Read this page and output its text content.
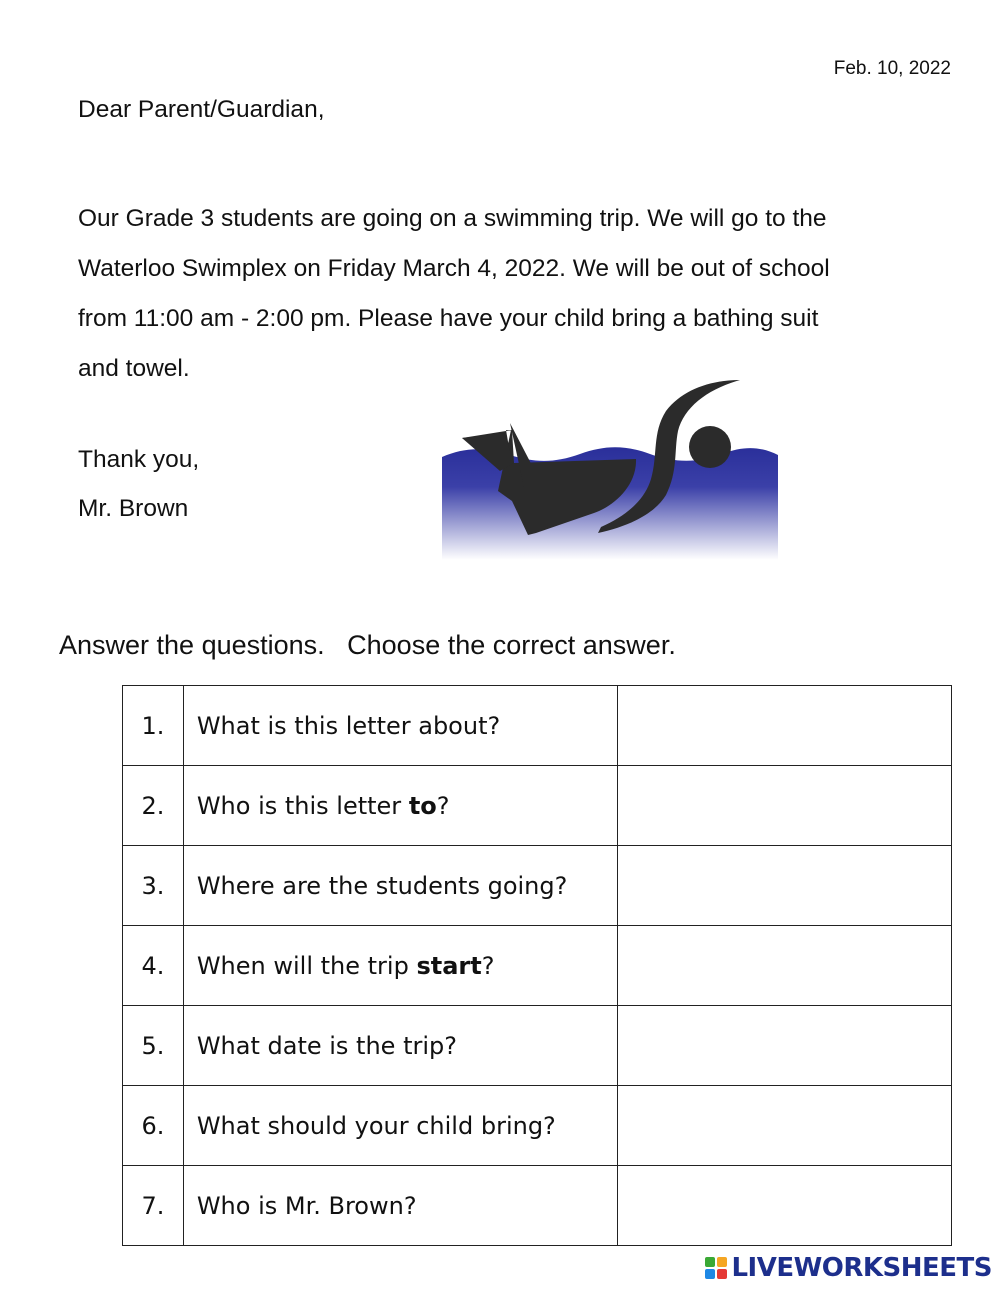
Feb. 10, 2022
Dear Parent/Guardian,
Our Grade 3 students are going on a swimming trip. We will go to the
Waterloo Swimplex on Friday March 4, 2022. We will be out of school
from 11:00 am - 2:00 pm. Please have your child bring a bathing suit
and towel.
Thank you,
Mr. Brown
Answer the questions.   Choose the correct answer.
1.	What is this letter about?	
2.	Who is this letter to?	
3.	Where are the students going?	
4.	When will the trip start?	
5.	What date is the trip?	
6.	What should your child bring?	
7.	Who is Mr. Brown?	
LIVEWORKSHEETS
